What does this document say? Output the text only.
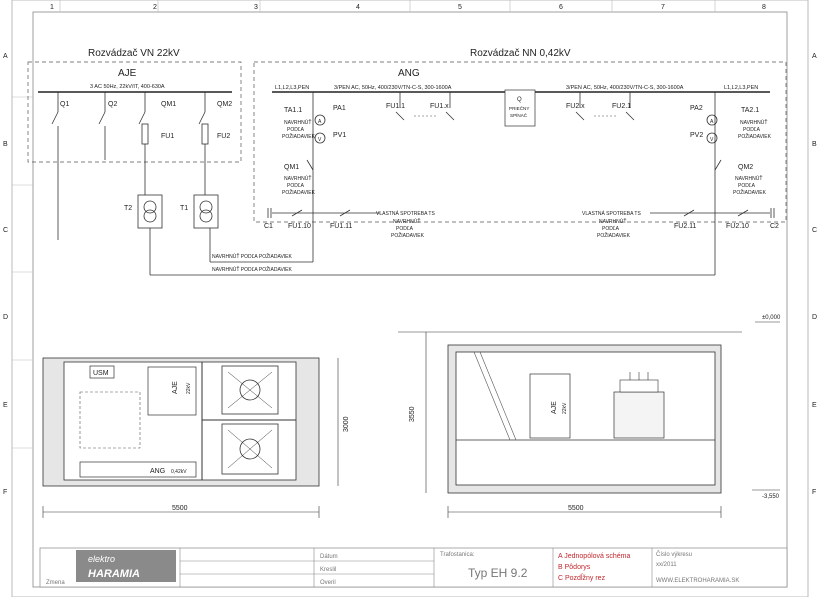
1	2	3	4	5	6	7	8
A
B
C
D
E
F
A
B
C
D
E
F
Rozvádzač VN 22kV	Rozvádzač NN 0,42kV
AJE
3 AC 50Hz, 22kV/IT, 400-630A
Q1	Q2	QM1	QM2
FU1	FU2
T2	T1
ANG
L1,L2,L3,PEN	3/PEN AC, 50Hz, 400/230V/TN-C-S, 300-1600A	3/PEN AC, 50Hz, 400/230V/TN-C-S, 300-1600A	L1,L2,L3,PEN
Q
PRIEČNY
SPÍNAČ
A
V
A
V
TA1.1
NAVRHNÚŤ
PODĽA
POŽIADAVIEK
PA1
PV1
FU1.1	FU1.x	FU2.x	FU2.1	PA2
PV2
TA2.1
NAVRHNÚŤ
PODĽA
POŽIADAVIEK
QM1
NAVRHNÚŤ
PODĽA
POŽIADAVIEK
QM2
NAVRHNÚŤ
PODĽA
POŽIADAVIEK
C1 FU1.10	FU1.11	FU2.11	FU2.10	C2
VLASTNÁ SPOTREBA TS
NAVRHNÚŤ
PODĽA
POŽIADAVIEK
VLASTNÁ SPOTREBA TS
NAVRHNÚŤ
PODĽA
POŽIADAVIEK
NAVRHNÚŤ PODĽA POŽIADAVIEK
NAVRHNÚŤ PODĽA POŽIADAVIEK
USM
AJE 22kV
ANG 0,42kV
5500
3000
AJE 22kV
5500
3550
±0,000
-3,550
elektro
HARAMIA
Zmena
Dátum
Kreslil
Overil
Trafostanica:
Typ EH 9.2
A Jednopólová schéma
B Pôdorys
C Pozdĺžny rez
Číslo výkresu
xx/2011
WWW.ELEKTROHARAMIA.SK
